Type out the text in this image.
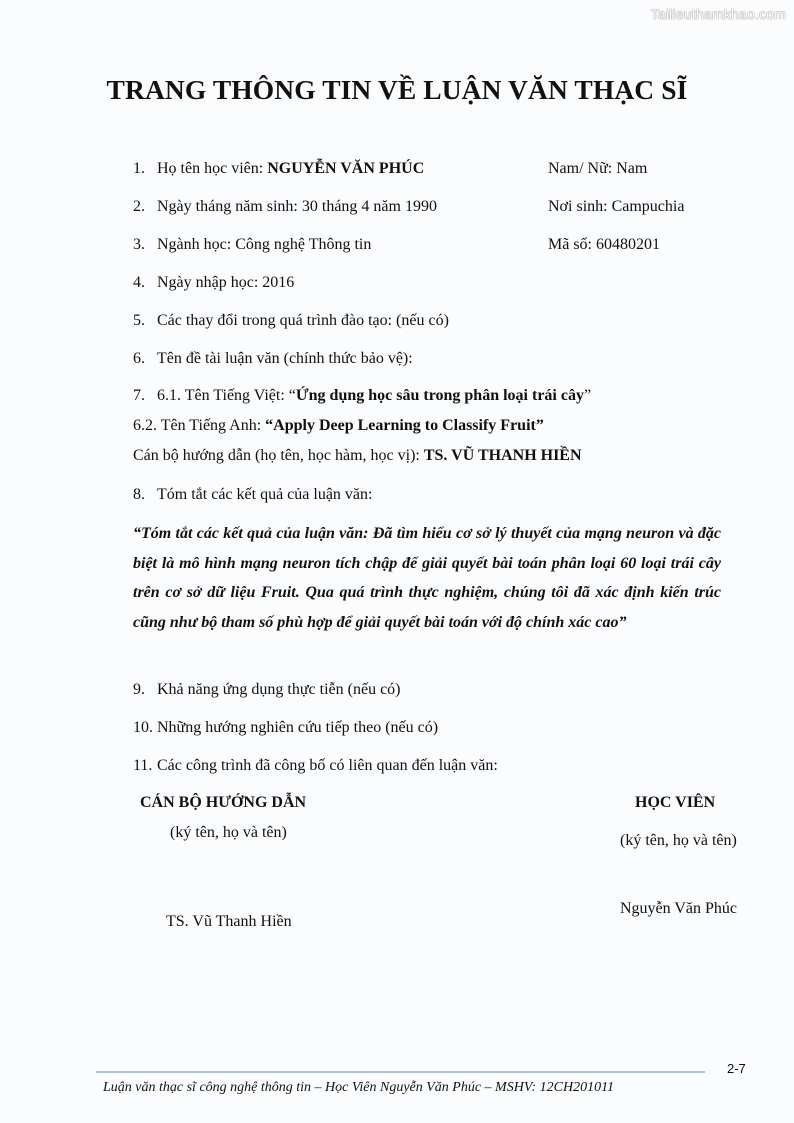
Tailieuthamkhao.com
TRANG THÔNG TIN VỀ LUẬN VĂN THẠC SĨ
1. Họ tên học viên: NGUYỄN VĂN PHÚC	Nam/ Nữ: Nam
2. Ngày tháng năm sinh: 30 tháng 4 năm 1990	Nơi sinh: Campuchia
3. Ngành học: Công nghệ Thông tin	Mã số: 60480201
4. Ngày nhập học: 2016
5. Các thay đổi trong quá trình đào tạo: (nếu có)
6. Tên đề tài luận văn (chính thức bảo vệ):
7. 6.1. Tên Tiếng Việt: “Ứng dụng học sâu trong phân loại trái cây”
6.2. Tên Tiếng Anh: “Apply Deep Learning to Classify Fruit”
Cán bộ hướng dẫn (họ tên, học hàm, học vị): TS. VŨ THANH HIỀN
8. Tóm tắt các kết quả của luận văn:
“Tóm tắt các kết quả của luận văn: Đã tìm hiểu cơ sở lý thuyết của mạng neuron và đặc biệt là mô hình mạng neuron tích chập để giải quyết bài toán phân loại 60 loại trái cây trên cơ sở dữ liệu Fruit. Qua quá trình thực nghiệm, chúng tôi đã xác định kiến trúc cũng như bộ tham số phù hợp để giải quyết bài toán với độ chính xác cao”
9. Khả năng ứng dụng thực tiễn (nếu có)
10. Những hướng nghiên cứu tiếp theo (nếu có)
11. Các công trình đã công bố có liên quan đến luận văn:
CÁN BỘ HƯỚNG DẪN
(ký tên, họ và tên)
TS. Vũ Thanh Hiền
HỌC VIÊN
(ký tên, họ và tên)
Nguyễn Văn Phúc
2-7
Luận văn thạc sĩ công nghệ thông tin – Học Viên Nguyễn Văn Phúc – MSHV: 12CH201011
